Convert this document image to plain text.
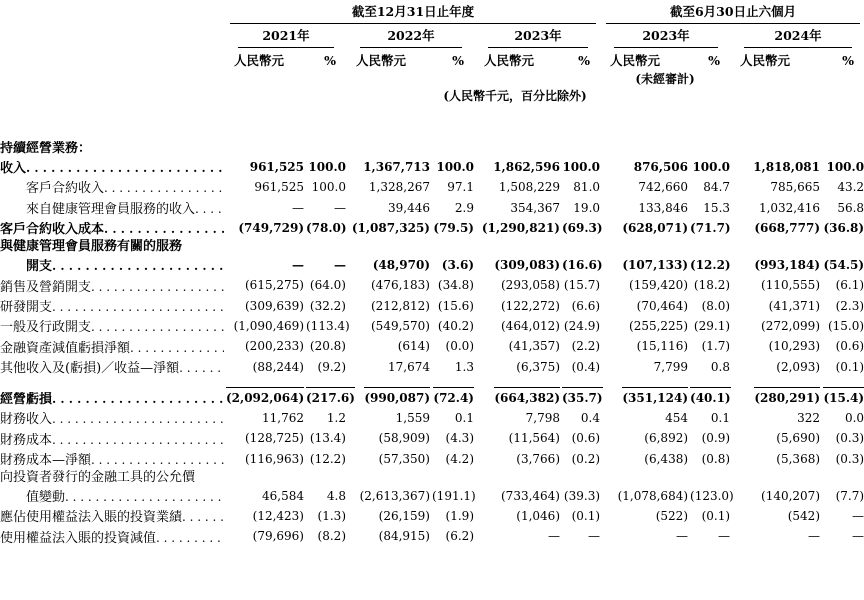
	截至12月31日止年度						截至6月30日止六個月			

	2021年		2022年		2023年		2023年		2024年	

	人民幣元	%	人民幣元	%	人民幣元	%	人民幣元	%	人民幣元	%
							(未經審計)			
				(人民幣千元，百分比除外)						

持續經營業務：										

收入
. . .	961,525	100.0	1,367,713	100.0	1,862,596	100.0	876,506	100.0	1,818,081	100.0

客戶合約收入
. . .	961,525	100.0	1,328,267	97.1	1,508,229	81.0	742,660	84.7	785,665	43.2

來自健康管理會員服務的收入
. . .	—	—	39,446	2.9	354,367	19.0	133,846	15.3	1,032,416	56.8

客戶合約收入成本
. . .	(749,729)	(78.0)	(1,087,325)	(79.5)	(1,290,821)	(69.3)	(628,071)	(71.7)	(668,777)	(36.8)

與健康管理會員服務有關的服務										

開支
. . .	—	—	(48,970)	(3.6)	(309,083)	(16.6)	(107,133)	(12.2)	(993,184)	(54.5)

銷售及營銷開支
. . .	(615,275)	(64.0)	(476,183)	(34.8)	(293,058)	(15.7)	(159,420)	(18.2)	(110,555)	(6.1)

研發開支
. . .	(309,639)	(32.2)	(212,812)	(15.6)	(122,272)	(6.6)	(70,464)	(8.0)	(41,371)	(2.3)

一般及行政開支
. . .	(1,090,469)	(113.4)	(549,570)	(40.2)	(464,012)	(24.9)	(255,225)	(29.1)	(272,099)	(15.0)

金融資產減值虧損淨額
. . .	(200,233)	(20.8)	(614)	(0.0)	(41,357)	(2.2)	(15,116)	(1.7)	(10,293)	(0.6)

其他收入及(虧損)／收益—淨額
. . .	(88,244)	(9.2)	17,674	1.3	(6,375)	(0.4)	7,799	0.8	(2,093)	(0.1)

經營虧損
. . .	(2,092,064)	(217.6)	(990,087)	(72.4)	(664,382)	(35.7)	(351,124)	(40.1)	(280,291)	(15.4)

財務收入
. . .	11,762	1.2	1,559	0.1	7,798	0.4	454	0.1	322	0.0

財務成本
. . .	(128,725)	(13.4)	(58,909)	(4.3)	(11,564)	(0.6)	(6,892)	(0.9)	(5,690)	(0.3)

財務成本—淨額
. . .	(116,963)	(12.2)	(57,350)	(4.2)	(3,766)	(0.2)	(6,438)	(0.8)	(5,368)	(0.3)

向投資者發行的金融工具的公允價										

值變動
. . .	46,584	4.8	(2,613,367)	(191.1)	(733,464)	(39.3)	(1,078,684)	(123.0)	(140,207)	(7.7)

應佔使用權益法入賬的投資業績
. . .	(12,423)	(1.3)	(26,159)	(1.9)	(1,046)	(0.1)	(522)	(0.1)	(542)	—

使用權益法入賬的投資減值
. . .	(79,696)	(8.2)	(84,915)	(6.2)	—	—	—	—	—	—
